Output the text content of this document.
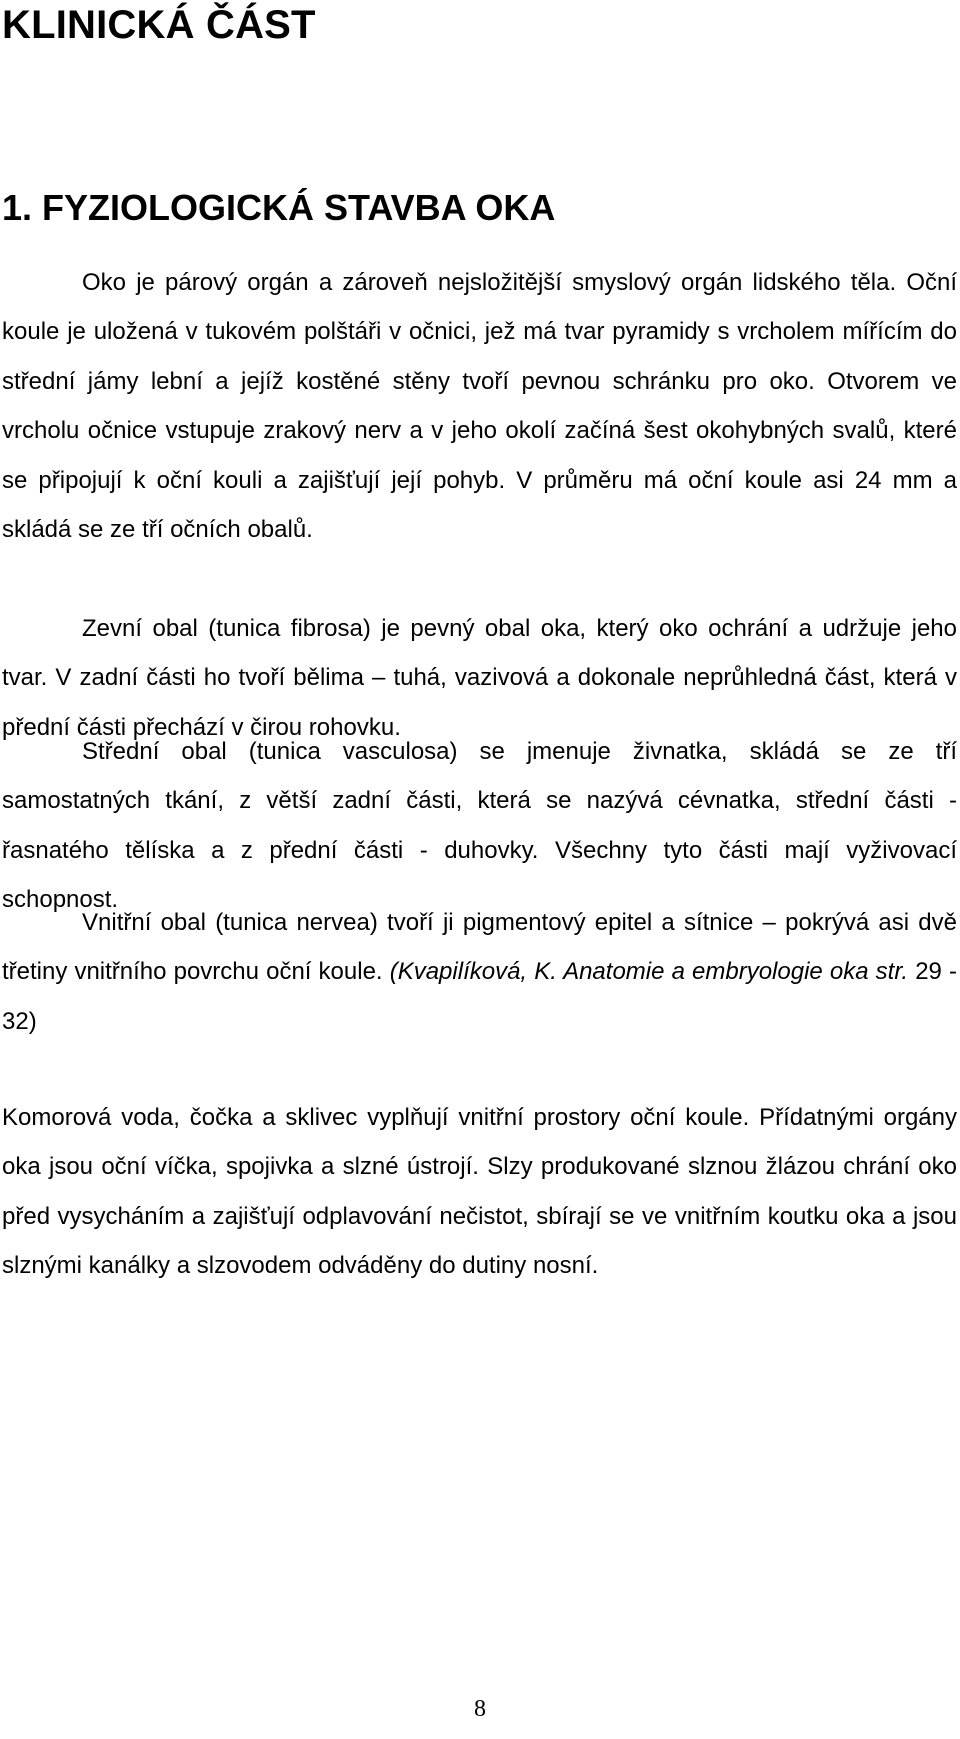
KLINICKÁ ČÁST
1. FYZIOLOGICKÁ STAVBA OKA

Oko je párový orgán a zároveň nejsložitější smyslový orgán lidského těla. Oční koule je uložená v tukovém polštáři v očnici, jež má tvar pyramidy s vrcholem mířícím do střední jámy lební a jejíž kostěné stěny tvoří pevnou schránku pro oko. Otvorem ve vrcholu očnice vstupuje zrakový nerv a v jeho okolí začíná šest okohybných svalů, které se připojují k oční kouli a zajišťují její pohyb. V průměru má oční koule asi 24 mm a skládá se ze tří očních obalů.

Zevní obal (tunica fibrosa) je pevný obal oka, který oko ochrání a udržuje jeho tvar. V zadní části ho tvoří bělima – tuhá, vazivová a dokonale neprůhledná část, která v přední části přechází v čirou rohovku.

Střední obal (tunica vasculosa) se jmenuje živnatka, skládá se ze tří samostatných tkání, z větší zadní části, která se nazývá cévnatka, střední části - řasnatého tělíska a z přední části - duhovky. Všechny tyto části mají vyživovací schopnost.

Vnitřní obal (tunica nervea) tvoří ji pigmentový epitel a sítnice – pokrývá asi dvě třetiny vnitřního povrchu oční koule. (Kvapilíková, K. Anatomie a embryologie oka str. 29 - 32)

Komorová voda, čočka a sklivec vyplňují vnitřní prostory oční koule. Přídatnými orgány oka jsou oční víčka, spojivka a slzné ústrojí. Slzy produkované slznou žlázou chrání oko před vysycháním a zajišťují odplavování nečistot, sbírají se ve vnitřním koutku oka a jsou slznými kanálky a slzovodem odváděny do dutiny nosní.

8
